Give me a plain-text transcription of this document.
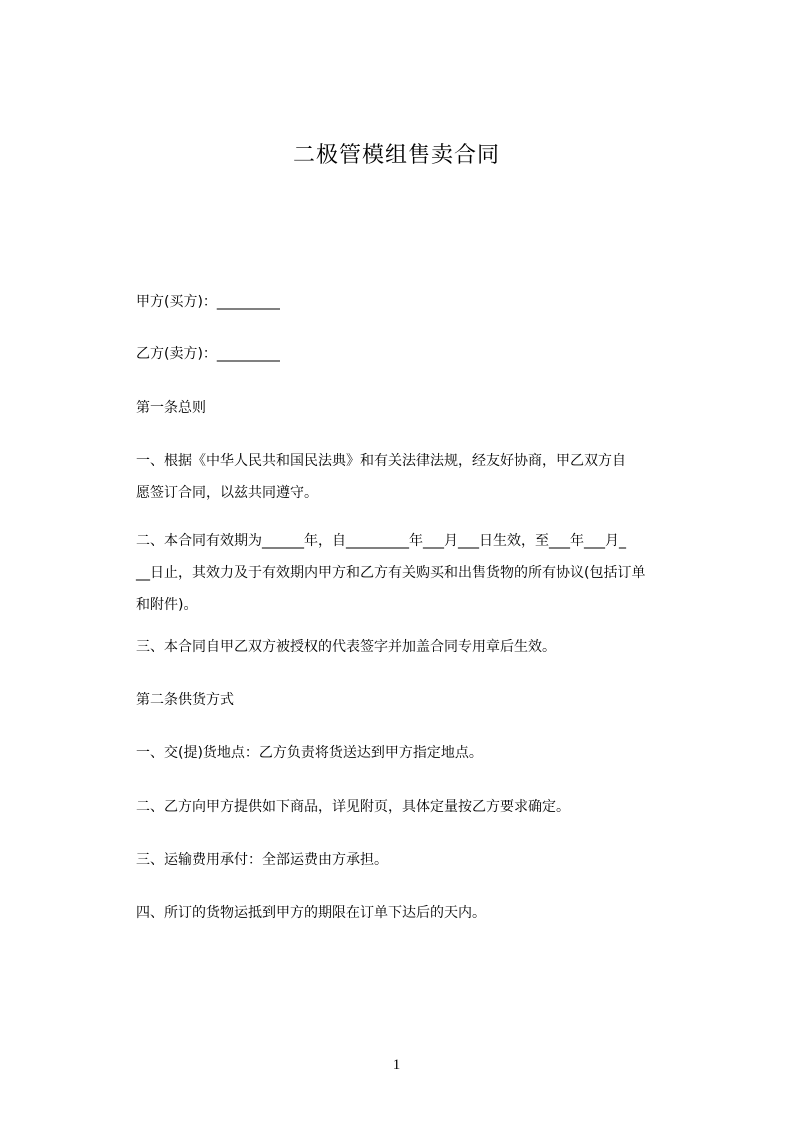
二极管模组售卖合同
甲方(买方)：_________
乙方(卖方)：_________
第一条总则
一、根据《中华人民共和国民法典》和有关法律法规，经友好协商，甲乙双方自
愿签订合同，以兹共同遵守。
二、本合同有效期为______年，自_________年___月___日生效，至___年___月_
__日止，其效力及于有效期内甲方和乙方有关购买和出售货物的所有协议(包括订单
和附件)。
三、本合同自甲乙双方被授权的代表签字并加盖合同专用章后生效。
第二条供货方式
一、交(提)货地点：乙方负责将货送达到甲方指定地点。
二、乙方向甲方提供如下商品，详见附页，具体定量按乙方要求确定。
三、运输费用承付：全部运费由方承担。
四、所订的货物运抵到甲方的期限在订单下达后的天内。
1
